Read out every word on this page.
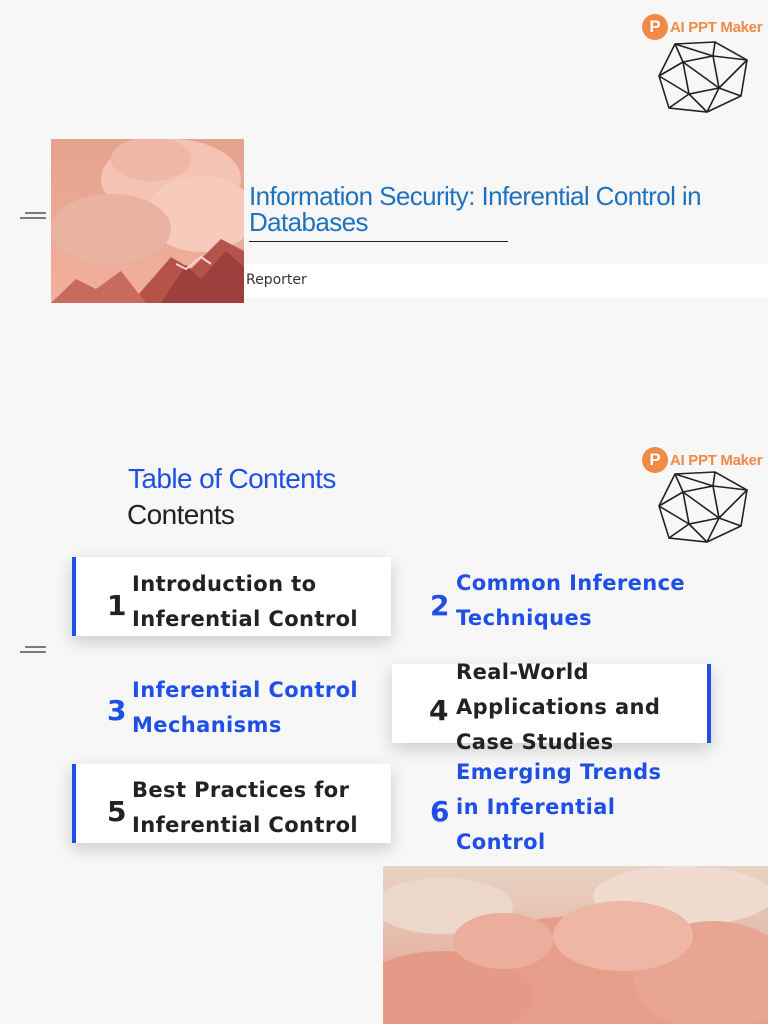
P AI PPT Maker
Information Security: Inferential Control in Databases
Reporter
P AI PPT Maker
Table of Contents
Contents
1
Introduction to Inferential Control	2
Common Inference Techniques
3
Inferential Control Mechanisms	4
Real-World Applications and Case Studies
5
Best Practices for Inferential Control	6
Emerging Trends in Inferential Control
